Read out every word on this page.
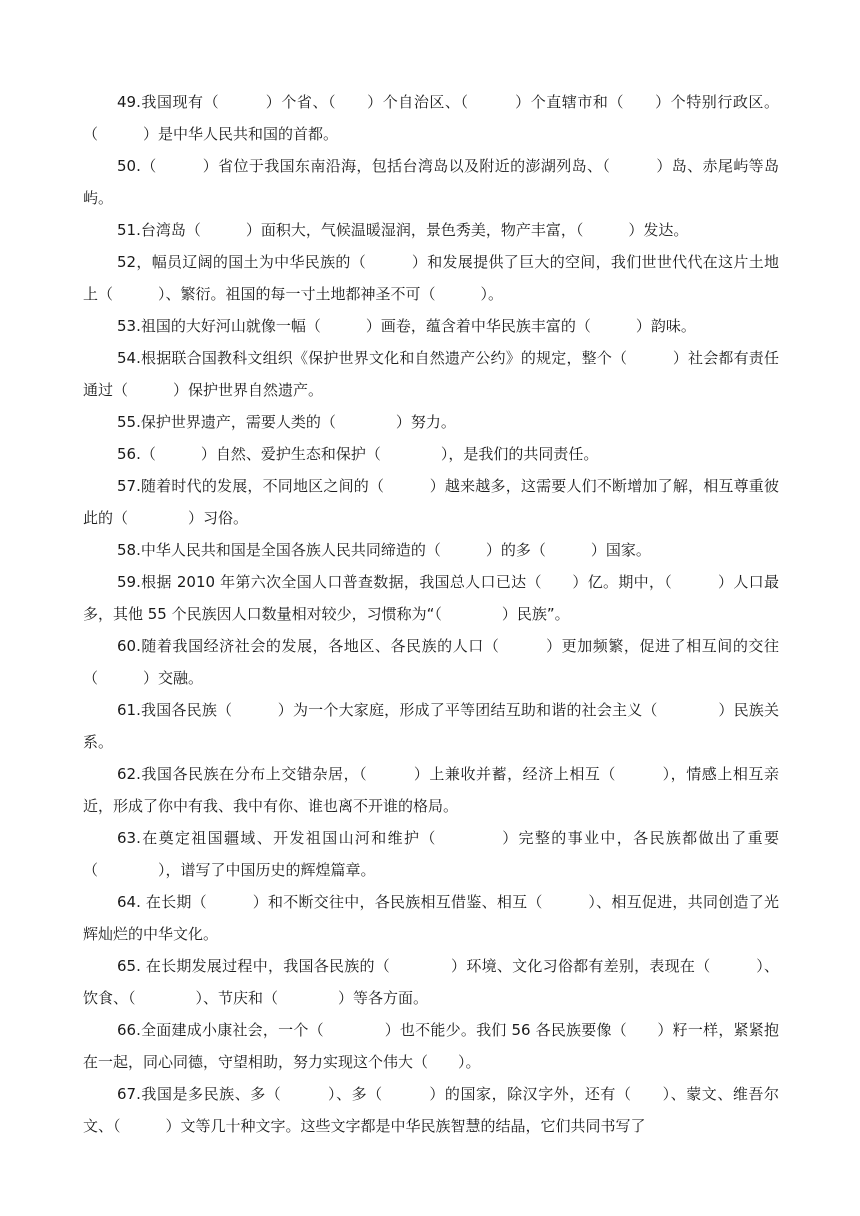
49.我国现有（　　　）个省、（　　）个自治区、（　　　）个直辖市和（　　）个特别行政区。（　　　）是中华人民共和国的首都。

50.（　　　）省位于我国东南沿海，包括台湾岛以及附近的澎湖列岛、（　　　）岛、赤尾屿等岛屿。

51.台湾岛（　　　）面积大，气候温暖湿润，景色秀美，物产丰富，（　　　）发达。

52，幅员辽阔的国土为中华民族的（　　　）和发展提供了巨大的空间，我们世世代代在这片土地上（　　　）、繁衍。祖国的每一寸土地都神圣不可（　　　）。

53.祖国的大好河山就像一幅（　　　）画卷，蕴含着中华民族丰富的（　　　）韵味。

54.根据联合国教科文组织《保护世界文化和自然遗产公约》的规定，整个（　　　）社会都有责任通过（　　　）保护世界自然遗产。

55.保护世界遗产，需要人类的（　　　　）努力。

56.（　　　）自然、爱护生态和保护（　　　　），是我们的共同责任。

57.随着时代的发展，不同地区之间的（　　　）越来越多，这需要人们不断增加了解，相互尊重彼此的（　　　　）习俗。

58.中华人民共和国是全国各族人民共同缔造的（　　　）的多（　　　）国家。

59.根据 2010 年第六次全国人口普查数据，我国总人口已达（　　）亿。期中，（　　　）人口最多，其他 55 个民族因人口数量相对较少，习惯称为“（　　　　）民族”。

60.随着我国经济社会的发展，各地区、各民族的人口（　　　）更加频繁，促进了相互间的交往（　　　）交融。

61.我国各民族（　　　）为一个大家庭，形成了平等团结互助和谐的社会主义（　　　　）民族关系。

62.我国各民族在分布上交错杂居，（　　　）上兼收并蓄，经济上相互（　　　），情感上相互亲近，形成了你中有我、我中有你、谁也离不开谁的格局。

63.在奠定祖国疆域、开发祖国山河和维护（　　　　）完整的事业中，各民族都做出了重要（　　　　），谱写了中国历史的辉煌篇章。

64. 在长期（　　　）和不断交往中，各民族相互借鉴、相互（　　　）、相互促进，共同创造了光辉灿烂的中华文化。

65. 在长期发展过程中，我国各民族的（　　　　）环境、文化习俗都有差别，表现在（　　　）、饮食、（　　　　）、节庆和（　　　　）等各方面。

66.全面建成小康社会，一个（　　　　）也不能少。我们 56 各民族要像（　　）籽一样，紧紧抱在一起，同心同德，守望相助，努力实现这个伟大（　　）。

67.我国是多民族、多（　　　）、多（　　　）的国家，除汉字外，还有（　　）、蒙文、维吾尔文、（　　　）文等几十种文字。这些文字都是中华民族智慧的结晶，它们共同书写了
